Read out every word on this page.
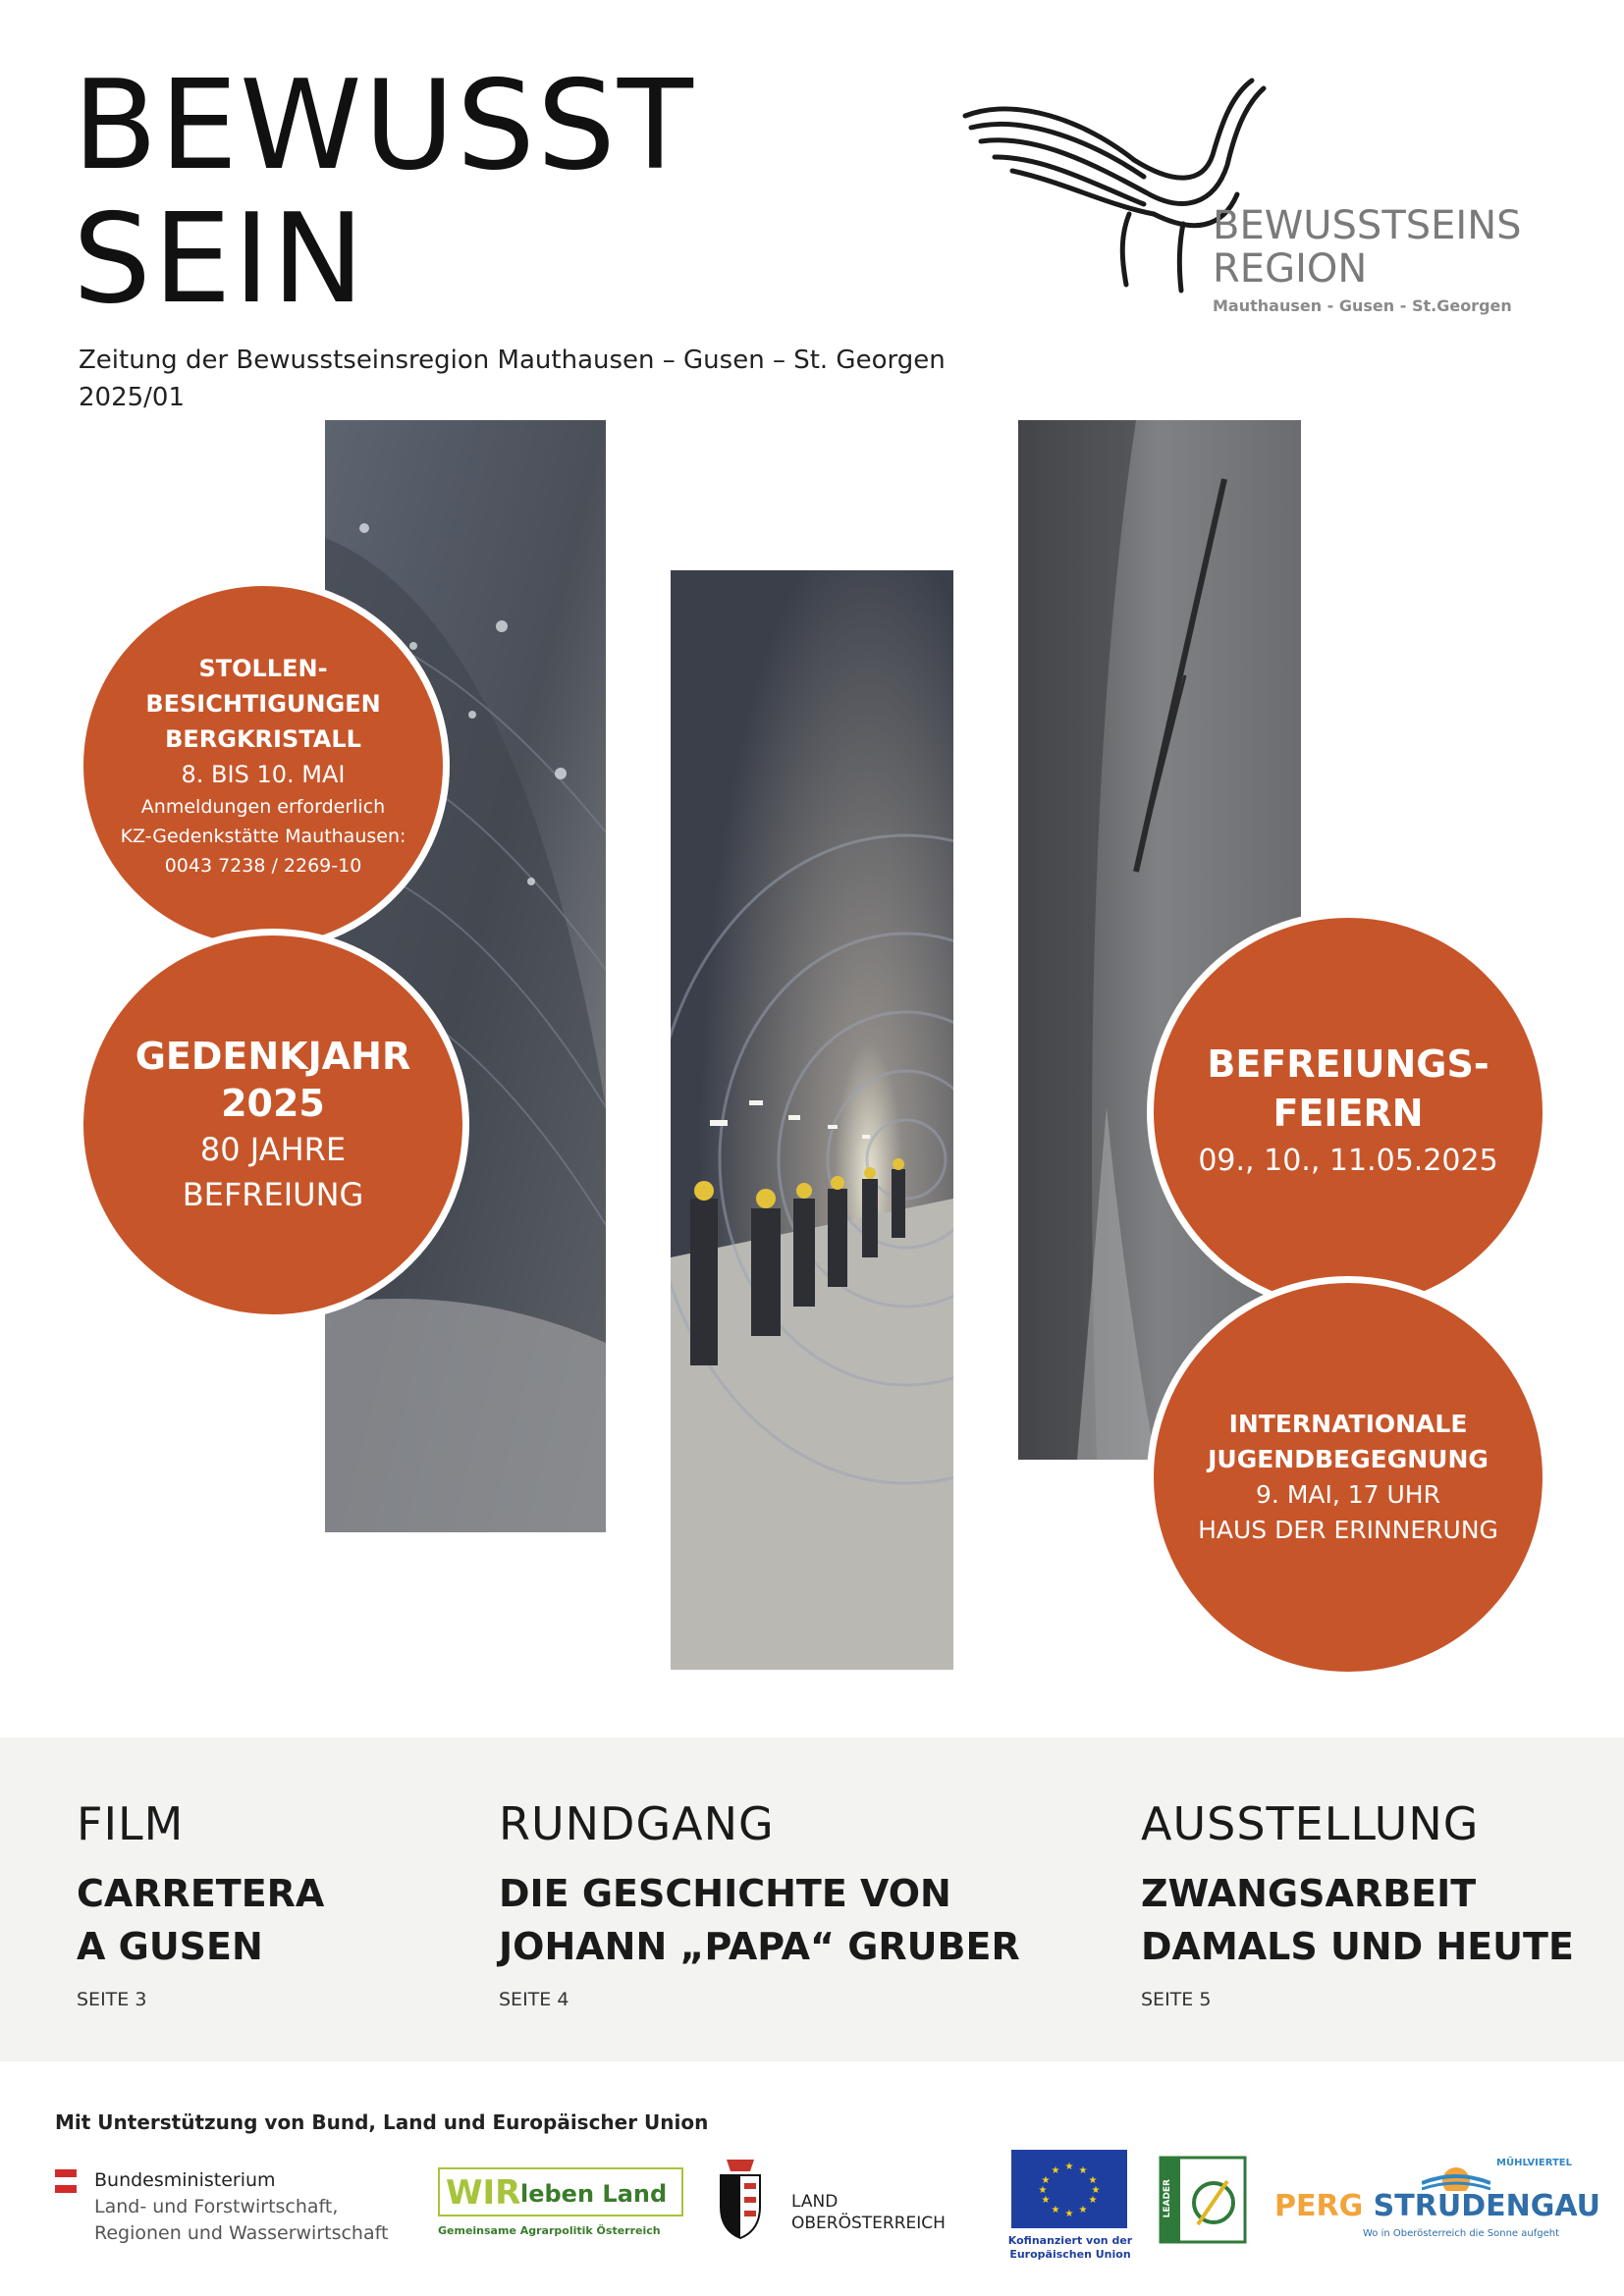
BEWUSST
SEIN
Zeitung der Bewusstseinsregion Mauthausen – Gusen – St. Georgen
2025/01
BEWUSSTSEINS
REGION
Mauthausen - Gusen - St.Georgen
STOLLEN-
BESICHTIGUNGEN
BERGKRISTALL
8. BIS 10. MAI
Anmeldungen erforderlich
KZ-Gedenkstätte Mauthausen:
0043 7238 / 2269-10
GEDENKJAHR
2025
80 JAHRE
BEFREIUNG
BEFREIUNGS-
FEIERN
09., 10., 11.05.2025
INTERNATIONALE
JUGENDBEGEGNUNG
9. MAI, 17 UHR
HAUS DER ERINNERUNG
FILM
CARRETERA
A GUSEN
SEITE 3
RUNDGANG
DIE GESCHICHTE VON
JOHANN „PAPA“ GRUBER
SEITE 4
AUSSTELLUNG
ZWANGSARBEIT
DAMALS UND HEUTE
SEITE 5
Mit Unterstützung von Bund, Land und Europäischer Union
Bundesministerium
Land- und Forstwirtschaft,
Regionen und Wasserwirtschaft
WIR leben Land
Gemeinsame Agrarpolitik Österreich
LAND
OBERÖSTERREICH
★ ★
★
★
★
★
★
★
★
★
★
★
Kofinanziert von der
Europäischen Union
LEADER
MÜHLVIERTEL
PERG STRUDENGAU
Wo in Oberösterreich die Sonne aufgeht
